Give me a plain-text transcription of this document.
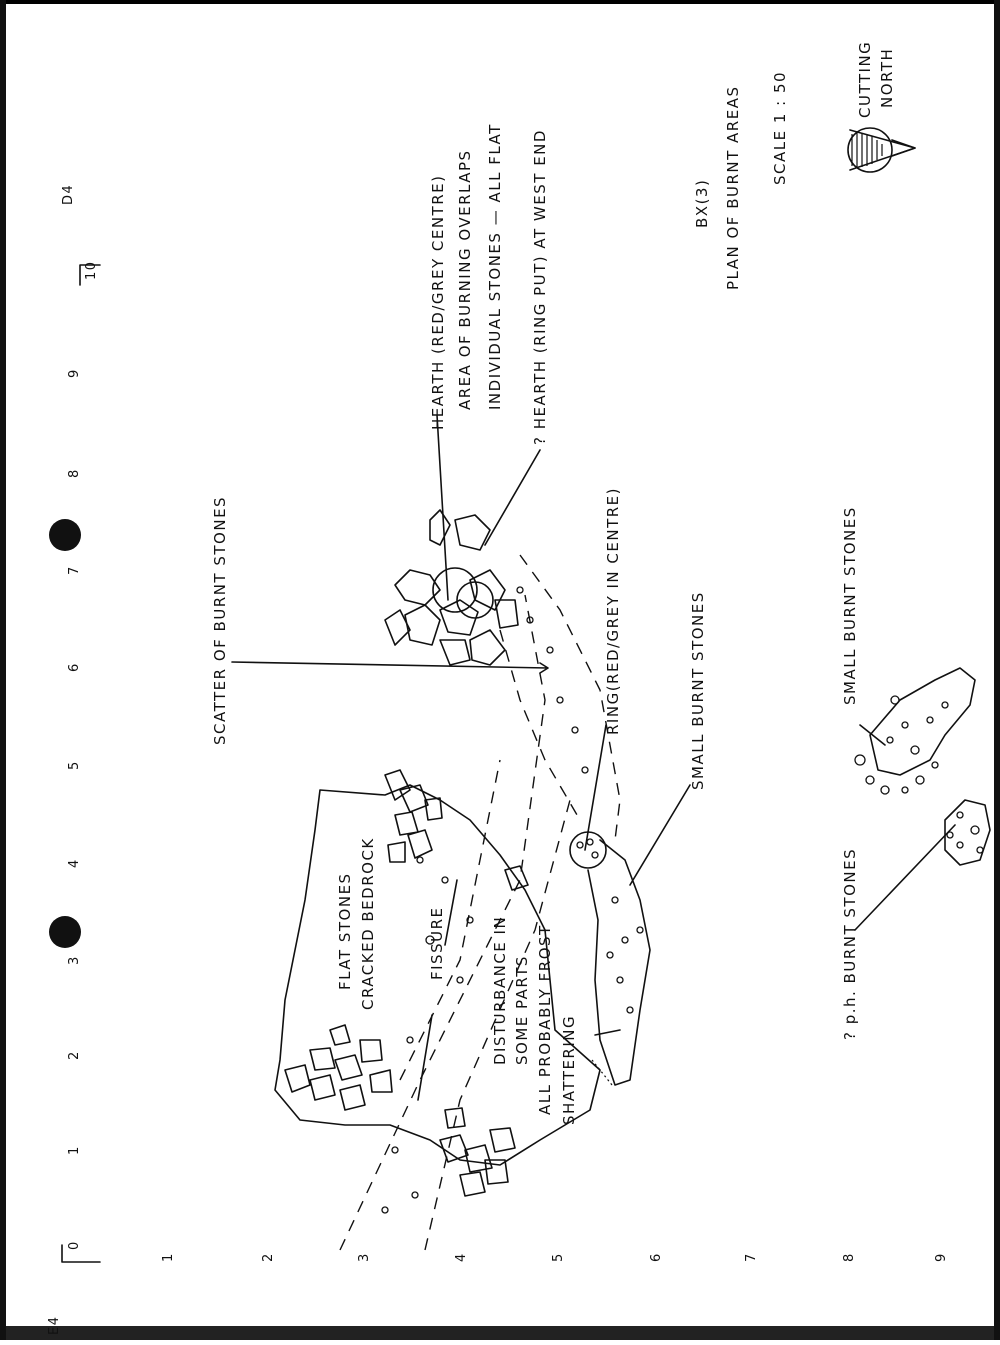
0
1
2
3
4
5
6
7
8
9
10
1	2	3	4	5	6	7	8	9
D4
E4
BX(3) PLAN OF BURNT AREAS SCALE 1 : 50	CUTTING NORTH
HEARTH (RED/GREY CENTRE) AREA OF BURNING OVERLAPS INDIVIDUAL STONES — ALL FLAT ? HEARTH (RING PUT) AT WEST END
SCATTER OF BURNT STONES	RING(RED/GREY IN CENTRE)	SMALL BURNT STONES	SMALL BURNT STONES
? p.h. BURNT STONES
FLAT STONES CRACKED BEDROCK	FISSURE	DISTURBANCE IN SOME PARTS ALL PROBABLY FROST SHATTERING
